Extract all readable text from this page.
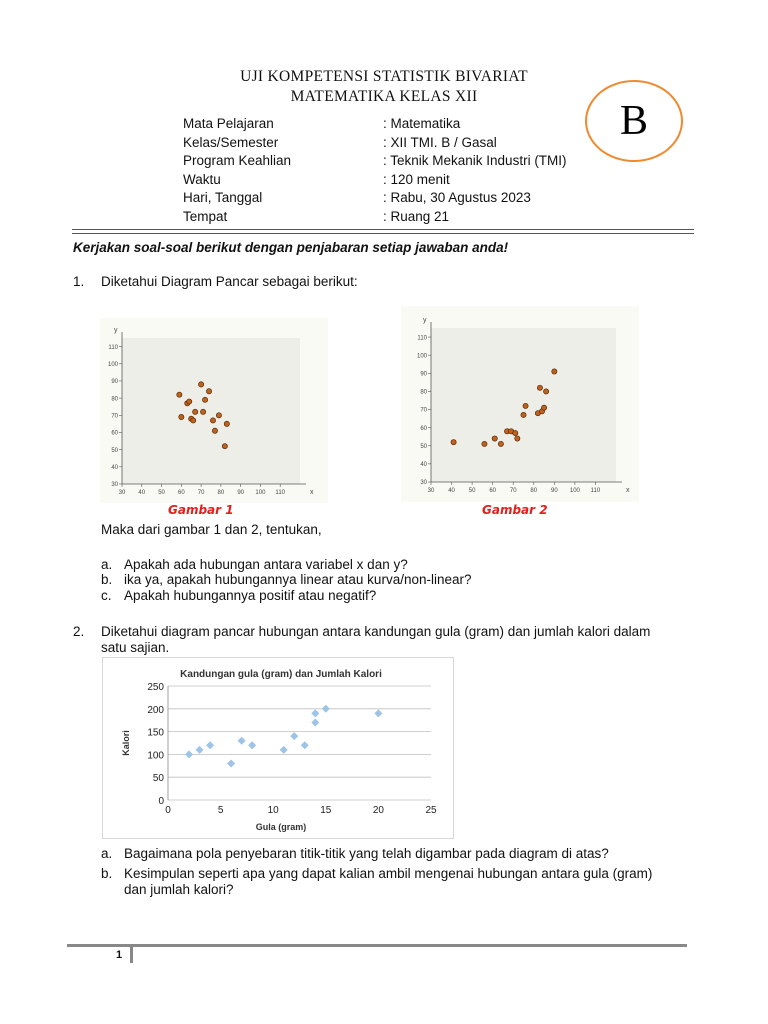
UJI KOMPETENSI STATISTIK BIVARIAT
MATEMATIKA KELAS XII
B
Mata Pelajaran	: Matematika
Kelas/Semester	: XII TMI. B / Gasal
Program Keahlian	: Teknik Mekanik Industri (TMI)
Waktu	: 120 menit
Hari, Tanggal	: Rabu, 30 Agustus 2023
Tempat	: Ruang 21
Kerjakan soal-soal berikut dengan penjabaran setiap jawaban anda!
1. Diketahui Diagram Pancar sebagai berikut:
30
40
50
60
70
80
90
100
110
30 40 50 60 70 80 90 100 110
y
x
30
40
50
60
70
80
90
100
110
30 40 50 60 70 80 90 100 110
y
x
Gambar 1	Gambar 2
Maka dari gambar 1 dan 2, tentukan,
a. Apakah ada hubungan antara variabel x dan y?
b. ika ya, apakah hubungannya linear atau kurva/non-linear?
c. Apakah hubungannya positif atau negatif?
2. Diketahui diagram pancar hubungan antara kandungan gula (gram) dan jumlah kalori dalam
satu sajian.
Kandungan gula (gram) dan Jumlah Kalori
0
50
100
150
200
250
0	5	10	15	20	25
Gula (gram)
Kalori
a. Bagaimana pola penyebaran titik-titik yang telah digambar pada diagram di atas?
b. Kesimpulan seperti apa yang dapat kalian ambil mengenai hubungan antara gula (gram)
dan jumlah kalori?
1
